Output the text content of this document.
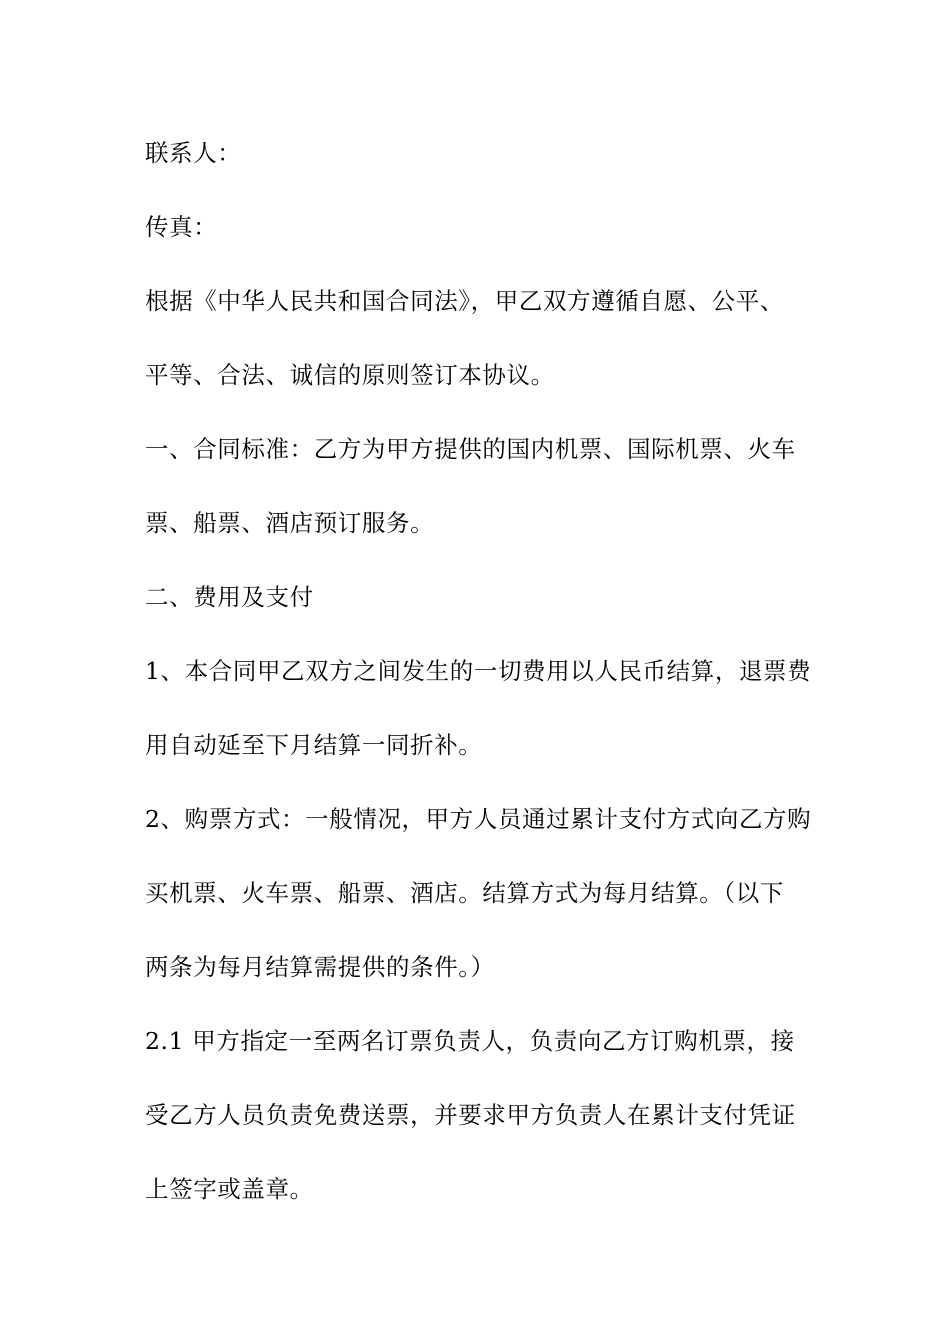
联系人：
传真：
根据《中华人民共和国合同法》，甲乙双方遵循自愿、公平、
平等、合法、诚信的原则签订本协议。
一、合同标准：乙方为甲方提供的国内机票、国际机票、火车
票、船票、酒店预订服务。
二、费用及支付
1、本合同甲乙双方之间发生的一切费用以人民币结算，退票费
用自动延至下月结算一同折补。
2、购票方式：一般情况，甲方人员通过累计支付方式向乙方购
买机票、火车票、船票、酒店。结算方式为每月结算。（以下
两条为每月结算需提供的条件。）
2.1 甲方指定一至两名订票负责人，负责向乙方订购机票，接
受乙方人员负责免费送票，并要求甲方负责人在累计支付凭证
上签字或盖章。
